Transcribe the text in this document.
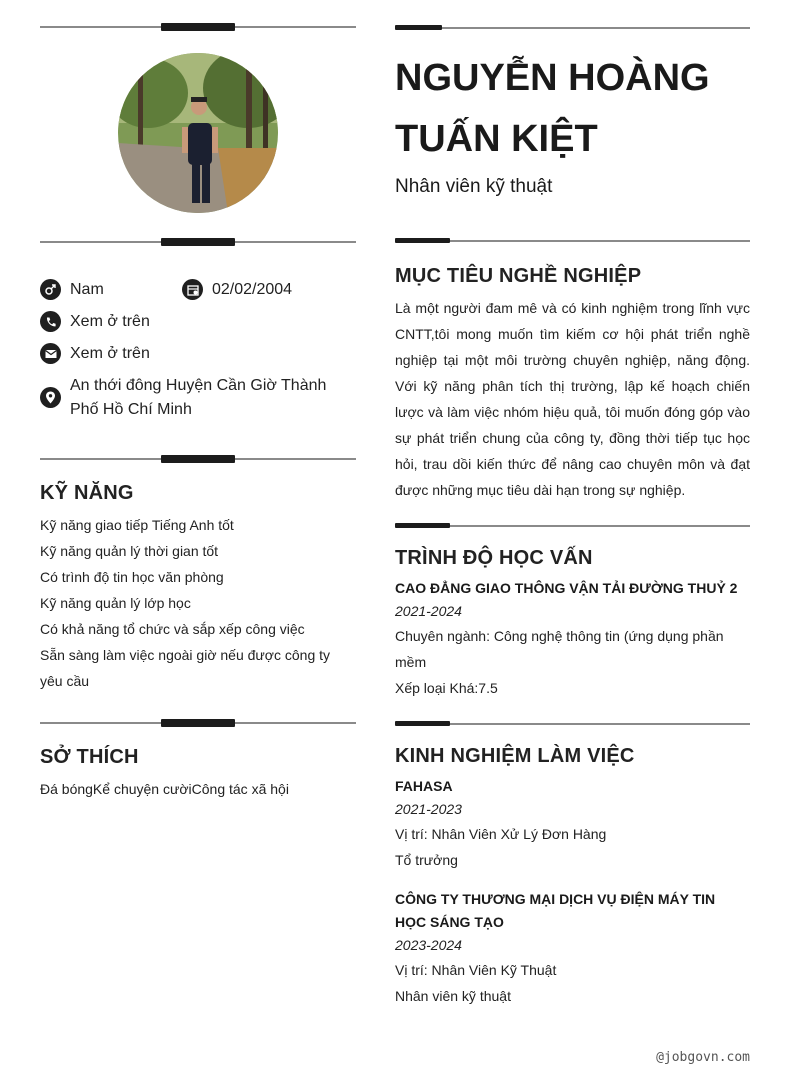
Nam	02/02/2004
Xem ở trên
Xem ở trên
An thới đông Huyện Cần Giờ Thành Phố Hồ Chí Minh
KỸ NĂNG
Kỹ năng giao tiếp Tiếng Anh tốt
Kỹ năng quản lý thời gian tốt
Có trình độ tin học văn phòng
Kỹ năng quản lý lớp học
Có khả năng tổ chức và sắp xếp công việc
Sẵn sàng làm việc ngoài giờ nếu được công ty yêu cầu
SỞ THÍCH
Đá bóngKể chuyện cườiCông tác xã hội
NGUYỄN HOÀNG TUẤN KIỆT
Nhân viên kỹ thuật
MỤC TIÊU NGHỀ NGHIỆP
Là một người đam mê và có kinh nghiệm trong lĩnh vực CNTT,tôi mong muốn tìm kiếm cơ hội phát triển nghề nghiệp tại một môi trường chuyên nghiệp, năng động. Với kỹ năng phân tích thị trường, lập kế hoạch chiến lược và làm việc nhóm hiệu quả, tôi muốn đóng góp vào sự phát triển chung của công ty, đồng thời tiếp tục học hỏi, trau dồi kiến thức để nâng cao chuyên môn và đạt được những mục tiêu dài hạn trong sự nghiệp.
TRÌNH ĐỘ HỌC VẤN
CAO ĐẲNG GIAO THÔNG VẬN TẢI ĐƯỜNG THUỶ 2
2021-2024
Chuyên ngành: Công nghệ thông tin (ứng dụng phần mềm
Xếp loại Khá:7.5
KINH NGHIỆM LÀM VIỆC
FAHASA
2021-2023
Vị trí: Nhân Viên Xử Lý Đơn Hàng
Tổ trưởng
CÔNG TY THƯƠNG MẠI DỊCH VỤ ĐIỆN MÁY TIN HỌC SÁNG TẠO
2023-2024
Vị trí: Nhân Viên Kỹ Thuật
Nhân viên kỹ thuật
@jobgovn.com
